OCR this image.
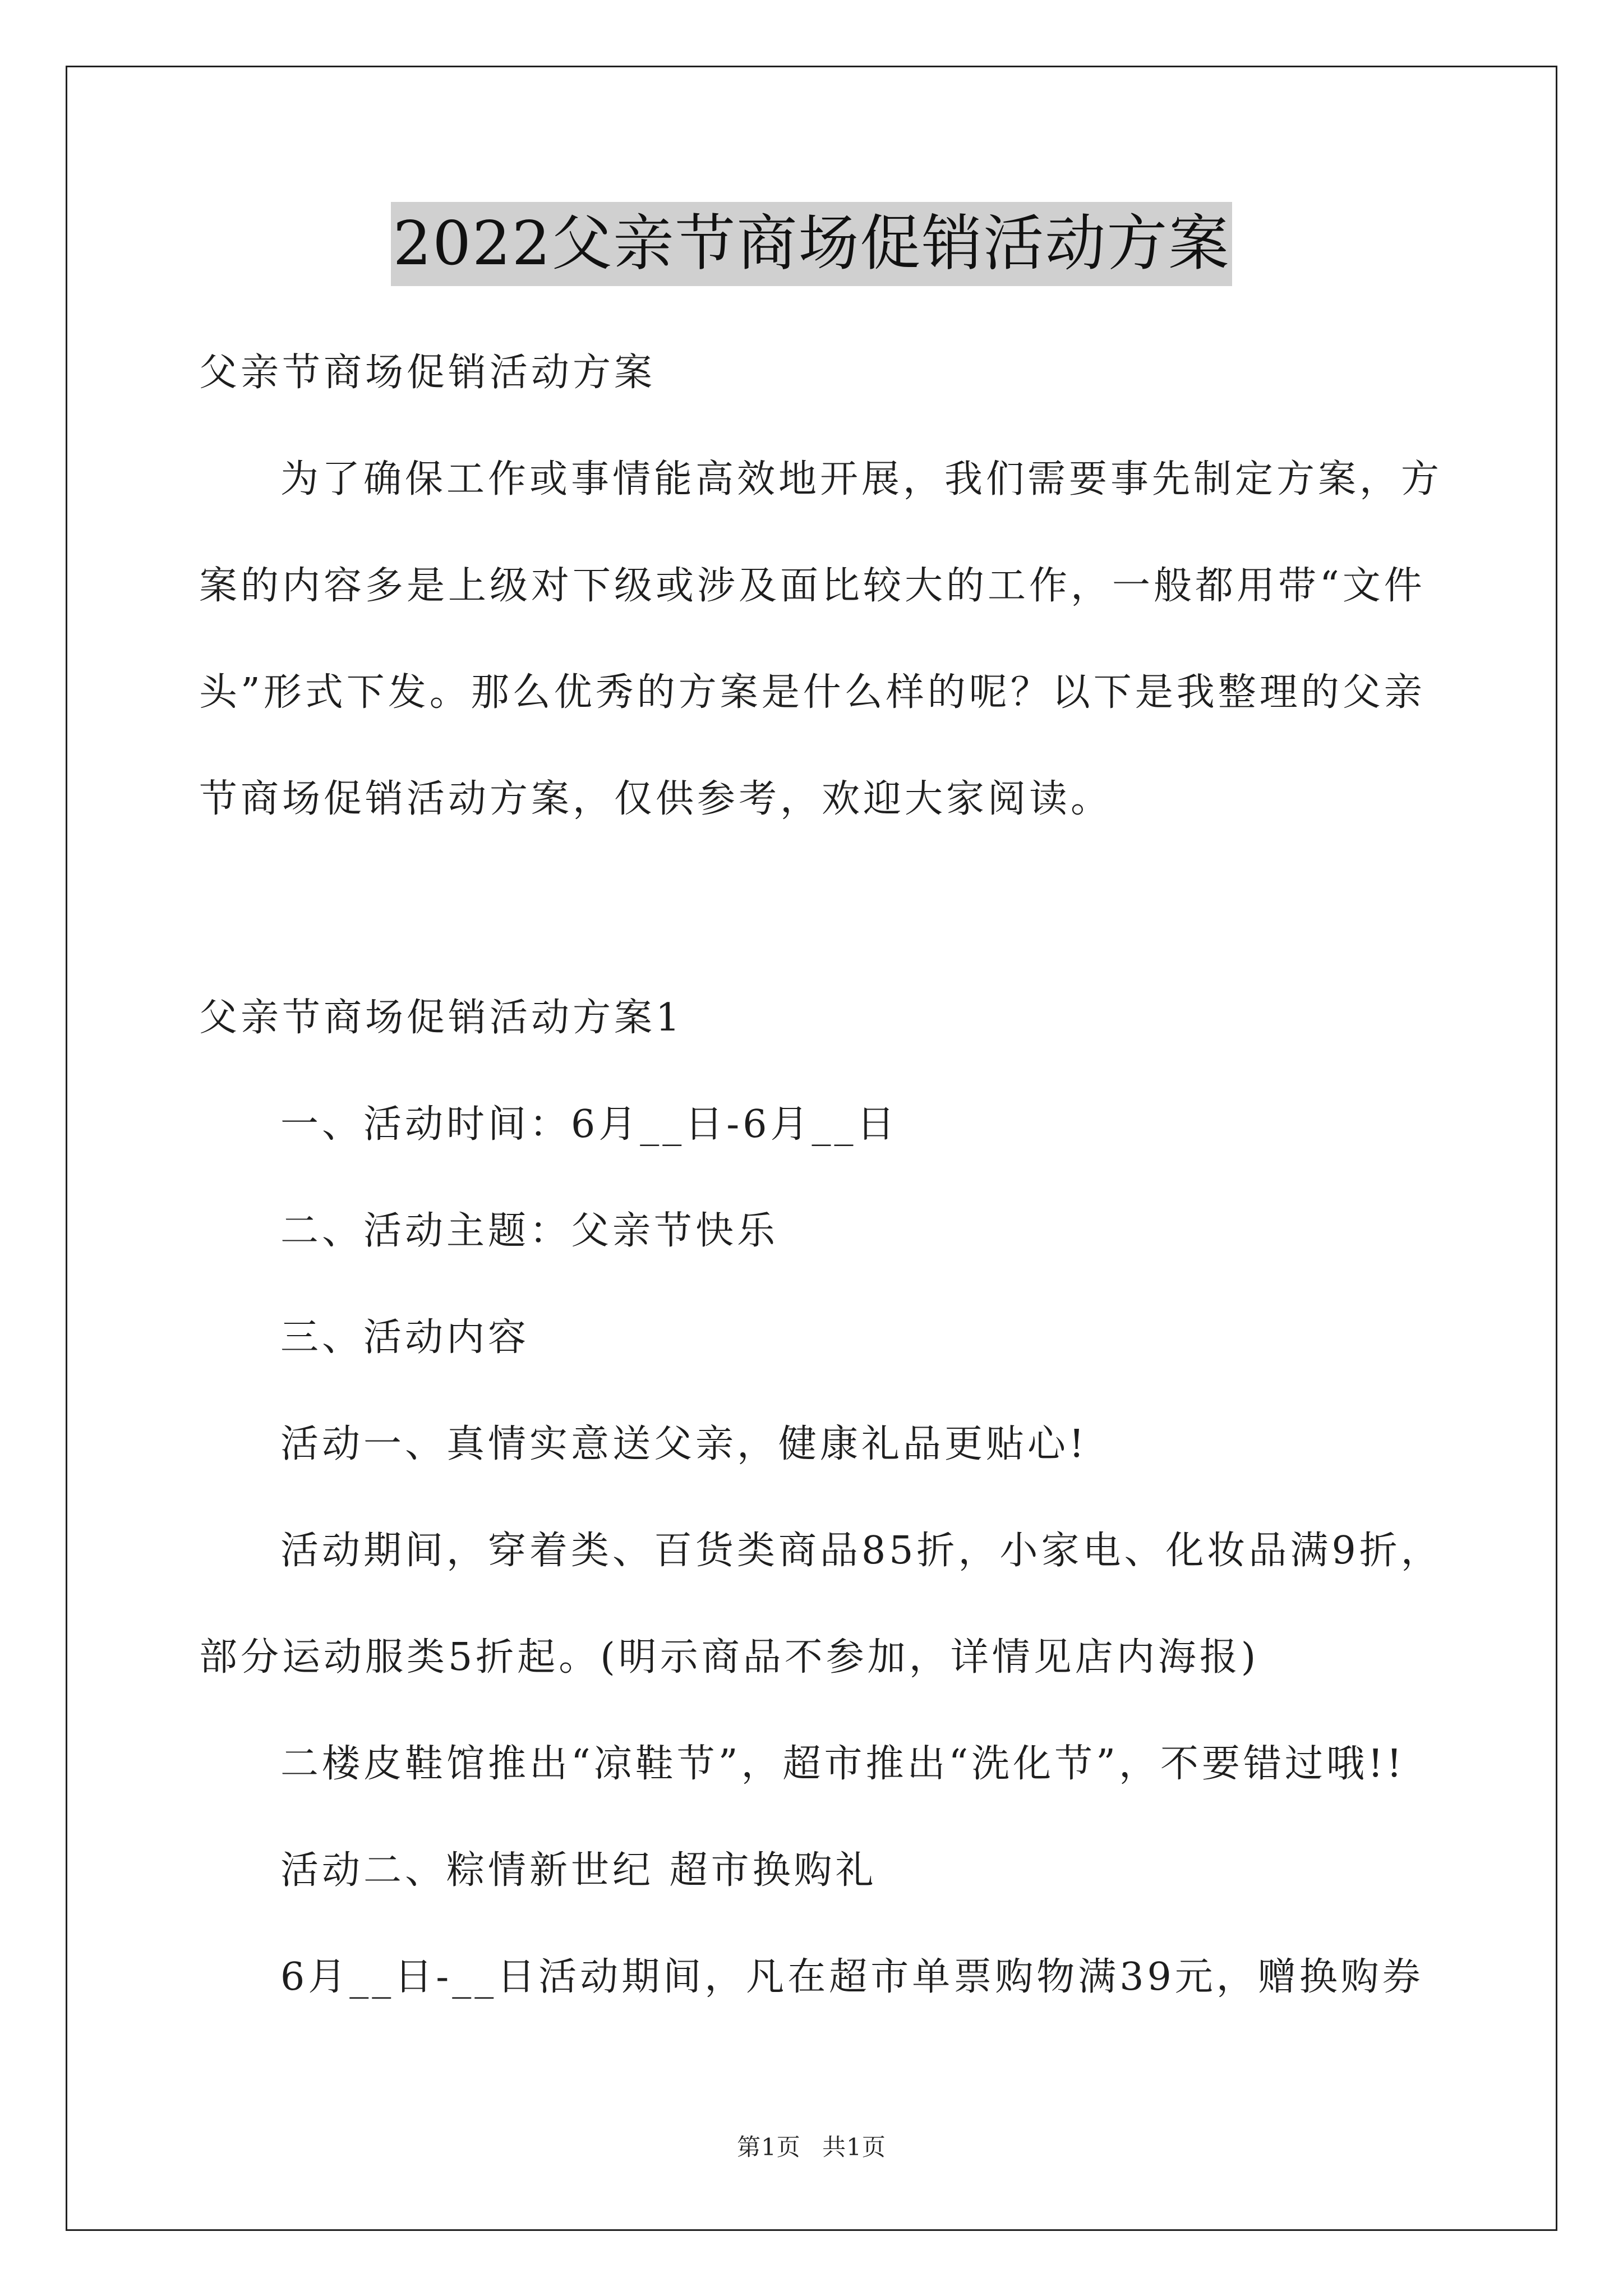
2022父亲节商场促销活动方案
父亲节商场促销活动方案
为了确保工作或事情能高效地开展，我们需要事先制定方案，方
案的内容多是上级对下级或涉及面比较大的工作，一般都用带“文件
头”形式下发。那么优秀的方案是什么样的呢？以下是我整理的父亲
节商场促销活动方案，仅供参考，欢迎大家阅读。
父亲节商场促销活动方案1
一、活动时间：6月__日-6月__日
二、活动主题：父亲节快乐
三、活动内容
活动一、真情实意送父亲，健康礼品更贴心!
活动期间，穿着类、百货类商品85折，小家电、化妆品满9折，
部分运动服类5折起。(明示商品不参加，详情见店内海报)
二楼皮鞋馆推出“凉鞋节”，超市推出“洗化节”，不要错过哦!!
活动二、粽情新世纪 超市换购礼
6月__日-__日活动期间，凡在超市单票购物满39元，赠换购券
第1页 共1页
